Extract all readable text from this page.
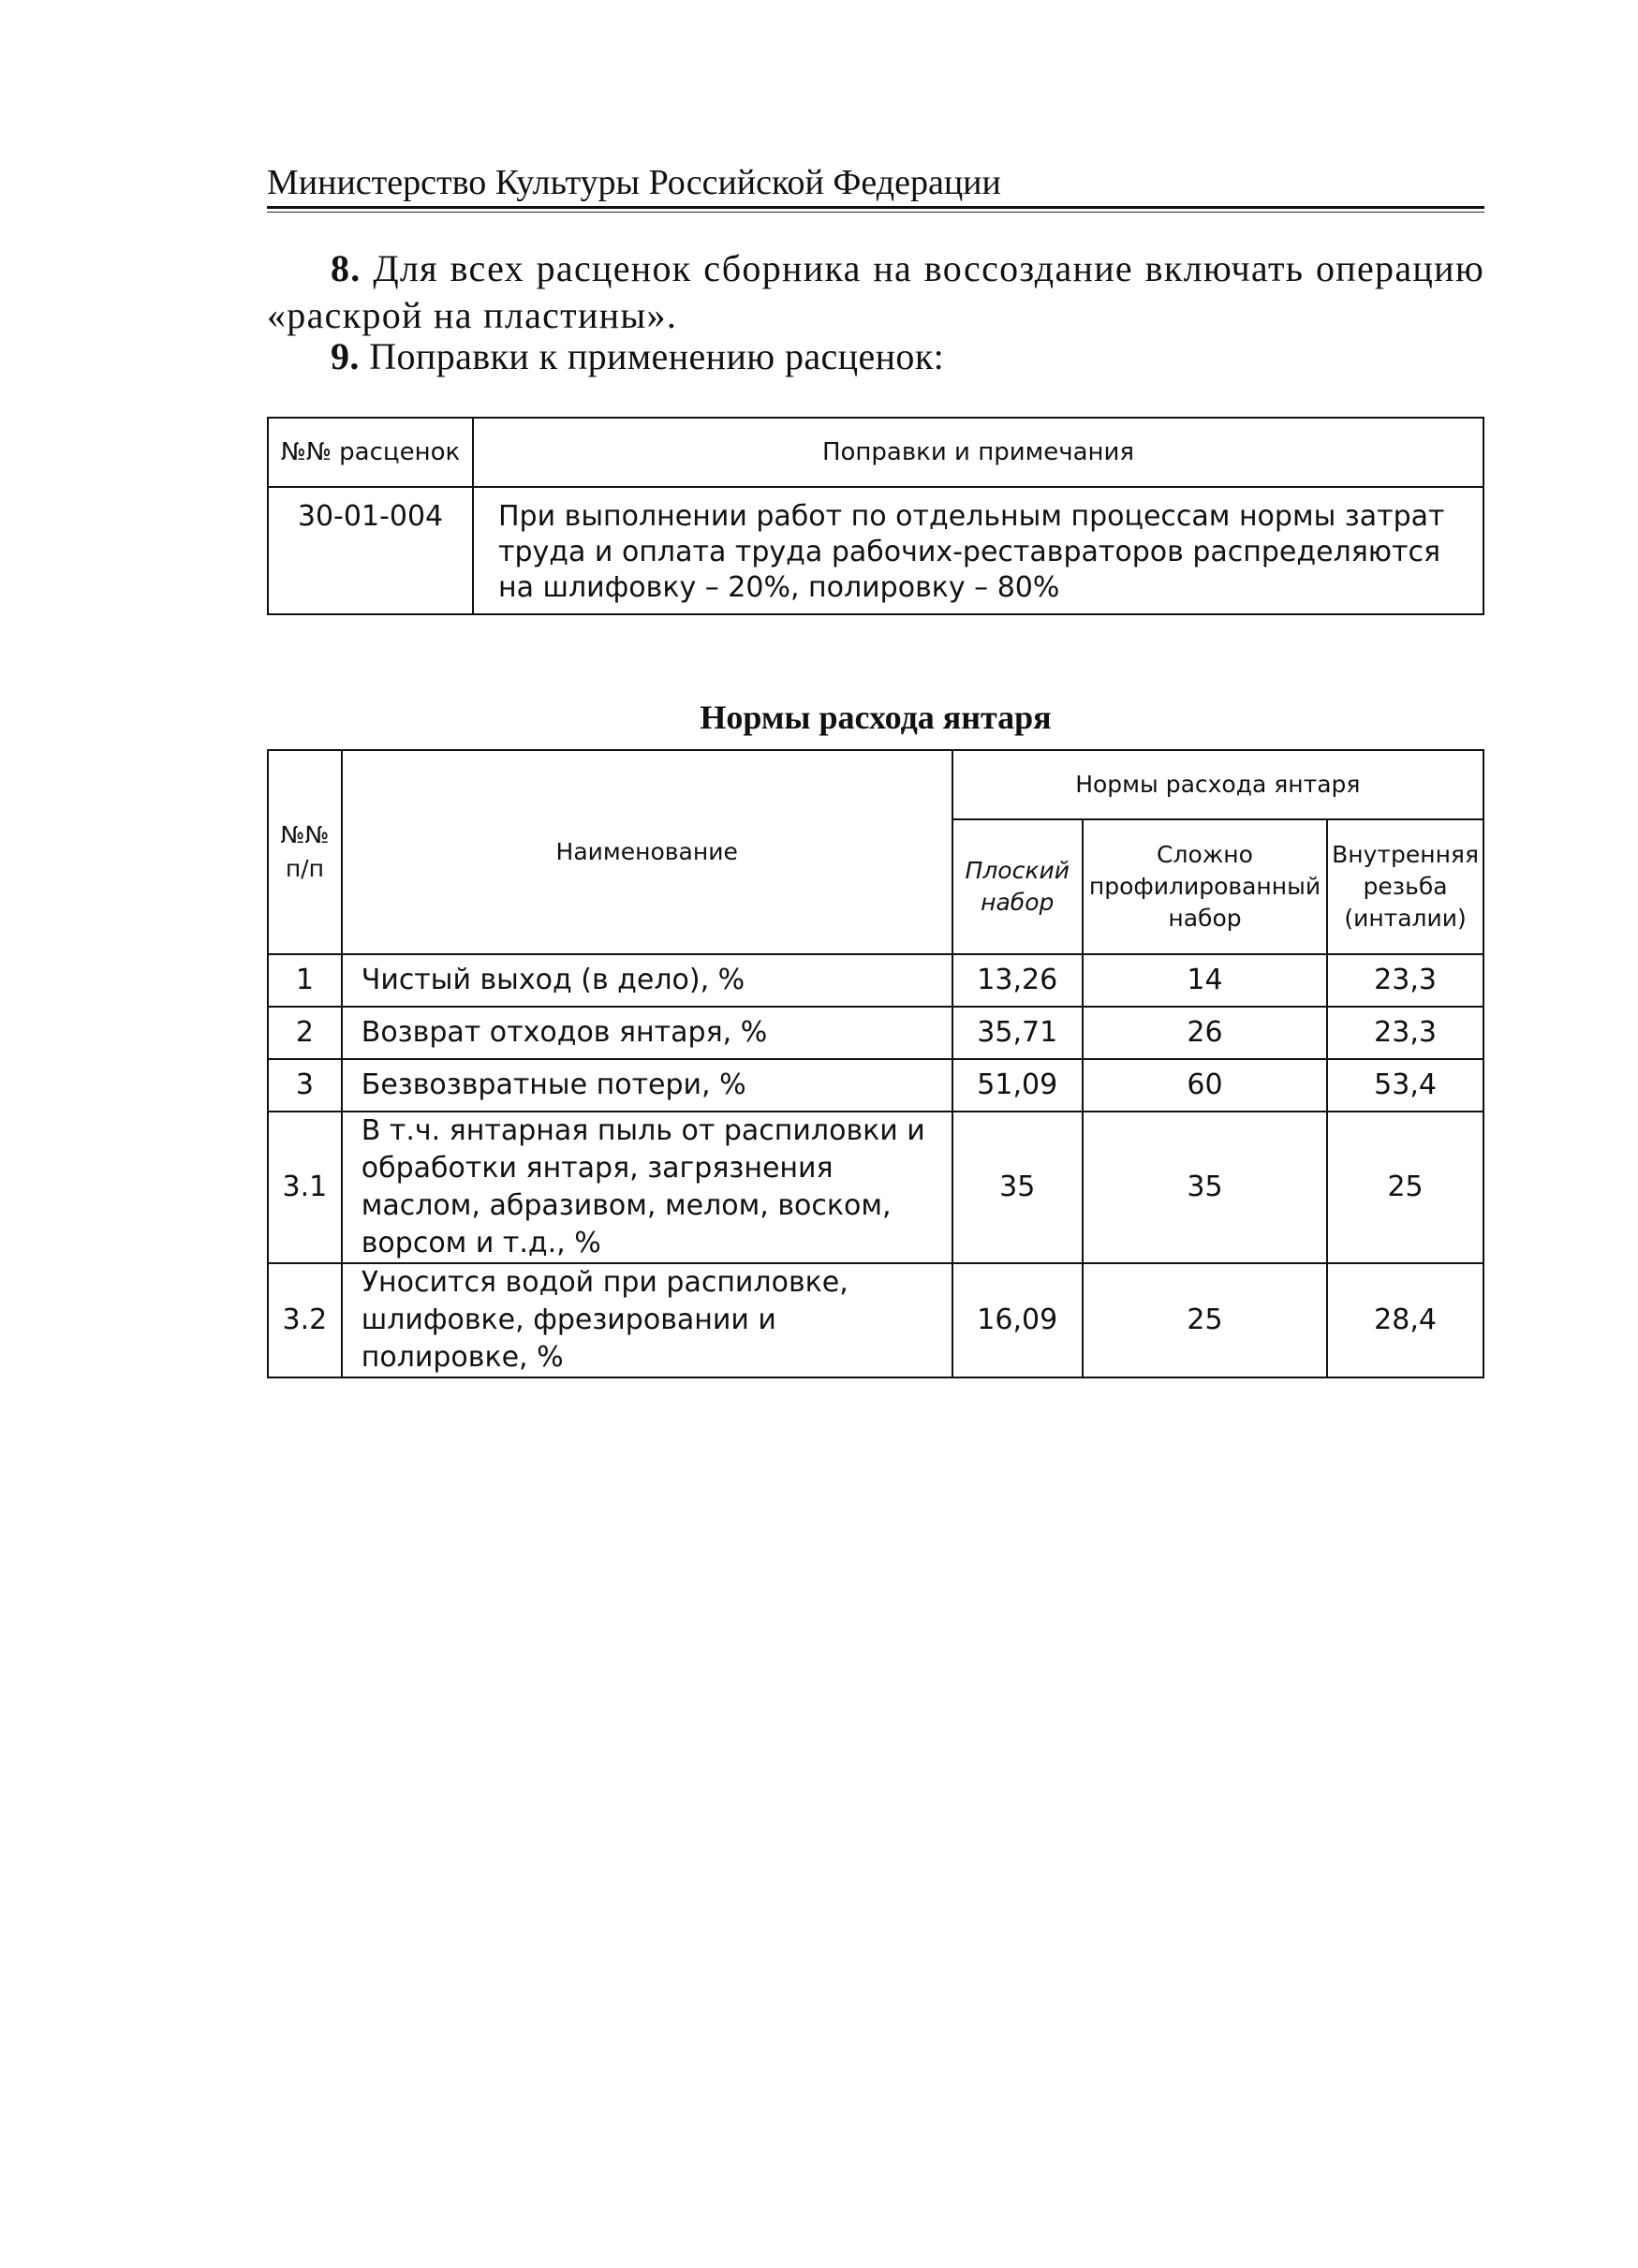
Министерство Культуры Российской Федерации
8. Для всех расценок сборника на воссоздание включать операцию «раскрой на пластины».
9. Поправки к применению расценок:
№№ расценок	Поправки и примечания
30-01-004	При выполнении работ по отдельным процессам нормы затрат труда и оплата труда рабочих-реставраторов распределяются на шлифовку – 20%, полировку – 80%
Нормы расхода янтаря
№№ п/п	Наименование	Нормы расхода янтаря		
		Плоский набор	Сложно профилированный набор	Внутренняя резьба (инталии)
1	Чистый выход (в дело), %	13,26	14	23,3
2	Возврат отходов янтаря, %	35,71	26	23,3
3	Безвозвратные потери, %	51,09	60	53,4
3.1	В т.ч. янтарная пыль от распиловки и обработки янтаря, загрязнения маслом, абразивом, мелом, воском, ворсом и т.д., %	35	35	25
3.2	Уносится водой при распиловке, шлифовке, фрезировании и полировке, %	16,09	25	28,4
